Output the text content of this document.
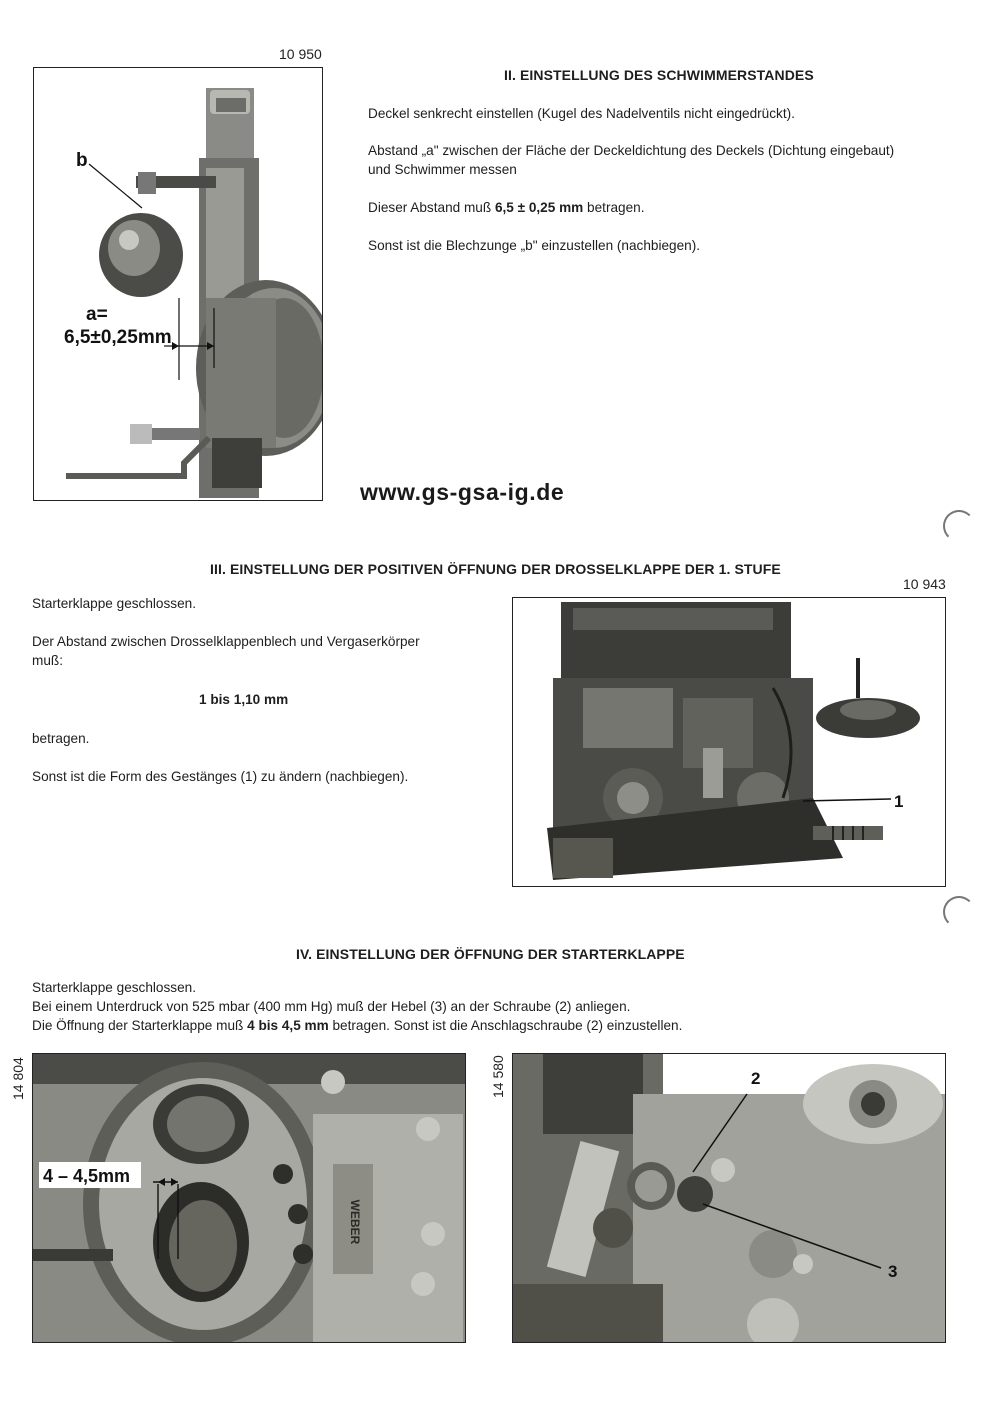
10 950
b
a=
6,5±0,25mm
II. EINSTELLUNG DES SCHWIMMERSTANDES
Deckel senkrecht einstellen (Kugel des Nadelventils nicht eingedrückt).
Abstand „a" zwischen der Fläche der Deckeldichtung des Deckels (Dichtung eingebaut)
und Schwimmer messen
Dieser Abstand muß 6,5 ± 0,25 mm betragen.
Sonst ist die Blechzunge „b" einzustellen (nachbiegen).
www.gs-gsa-ig.de
III. EINSTELLUNG DER POSITIVEN ÖFFNUNG DER DROSSELKLAPPE DER 1. STUFE
10 943
Starterklappe geschlossen.
Der Abstand zwischen Drosselklappenblech und Vergaserkörper
muß:
1 bis 1,10 mm
betragen.
Sonst ist die Form des Gestänges (1) zu ändern (nachbiegen).
1
IV. EINSTELLUNG DER ÖFFNUNG DER STARTERKLAPPE
Starterklappe geschlossen.
Bei einem Unterdruck von 525 mbar (400 mm Hg) muß der Hebel (3) an der Schraube (2) anliegen.
Die Öffnung der Starterklappe muß 4 bis 4,5 mm betragen. Sonst ist die Anschlagschraube (2) einzustellen.
14 804	14 580
WEBER
4 – 4,5mm
2
3
